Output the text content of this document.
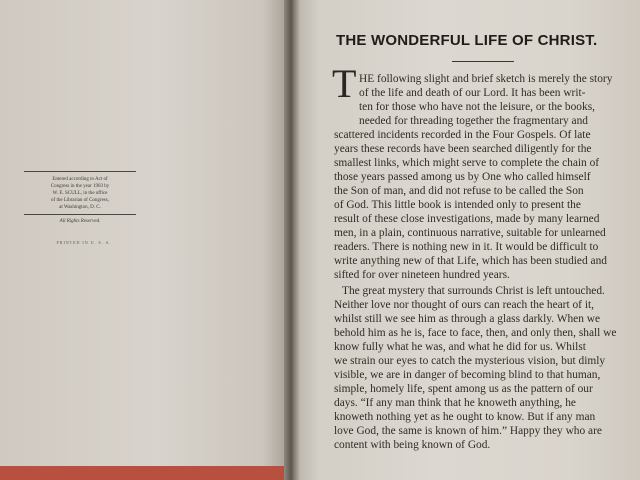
Entered according to Act of
Congress in the year 1903 by
W. E. SCULL, in the office
of the Librarian of Congress,
at Washington, D. C.
All Rights Reserved.
PRINTED IN U. S. A.
THE WONDERFUL LIFE OF CHRIST.
T HE following slight and brief sketch is merely the story
of the life and death of our Lord. It has been writ-
ten for those who have not the leisure, or the books,
needed for threading together the fragmentary and
scattered incidents recorded in the Four Gospels. Of late
years these records have been searched diligently for the
smallest links, which might serve to complete the chain of
those years passed among us by One who called himself
the Son of man, and did not refuse to be called the Son
of God. This little book is intended only to present the
result of these close investigations, made by many learned
men, in a plain, continuous narrative, suitable for unlearned
readers. There is nothing new in it. It would be difficult to
write anything new of that Life, which has been studied and
sifted for over nineteen hundred years.
The great mystery that surrounds Christ is left untouched.
Neither love nor thought of ours can reach the heart of it,
whilst still we see him as through a glass darkly. When we
behold him as he is, face to face, then, and only then, shall we
know fully what he was, and what he did for us. Whilst
we strain our eyes to catch the mysterious vision, but dimly
visible, we are in danger of becoming blind to that human,
simple, homely life, spent among us as the pattern of our
days. “If any man think that he knoweth anything, he
knoweth nothing yet as he ought to know. But if any man
love God, the same is known of him.” Happy they who are
content with being known of God.
